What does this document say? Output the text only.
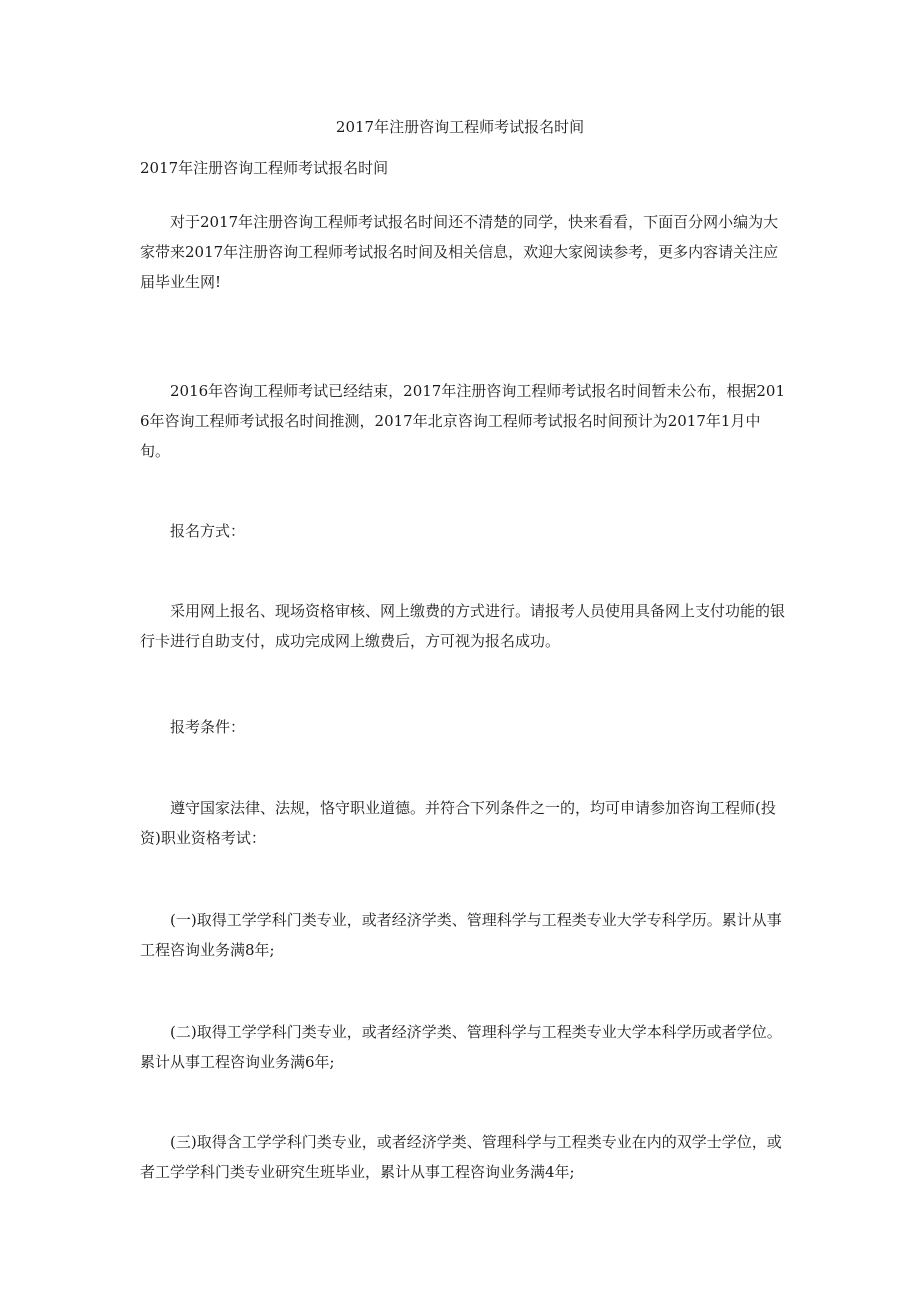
2017年注册咨询工程师考试报名时间
2017年注册咨询工程师考试报名时间

对于2017年注册咨询工程师考试报名时间还不清楚的同学，快来看看，下面百分网小编为大家带来2017年注册咨询工程师考试报名时间及相关信息，欢迎大家阅读参考，更多内容请关注应届毕业生网!

2016年咨询工程师考试已经结束，2017年注册咨询工程师考试报名时间暂未公布，根据2016年咨询工程师考试报名时间推测，2017年北京咨询工程师考试报名时间预计为2017年1月中旬。

报名方式：

采用网上报名、现场资格审核、网上缴费的方式进行。请报考人员使用具备网上支付功能的银行卡进行自助支付，成功完成网上缴费后，方可视为报名成功。

报考条件：

遵守国家法律、法规，恪守职业道德。并符合下列条件之一的，均可申请参加咨询工程师(投资)职业资格考试：

(一)取得工学学科门类专业，或者经济学类、管理科学与工程类专业大学专科学历。累计从事工程咨询业务满8年;

(二)取得工学学科门类专业，或者经济学类、管理科学与工程类专业大学本科学历或者学位。累计从事工程咨询业务满6年;

(三)取得含工学学科门类专业，或者经济学类、管理科学与工程类专业在内的双学士学位，或者工学学科门类专业研究生班毕业，累计从事工程咨询业务满4年;
